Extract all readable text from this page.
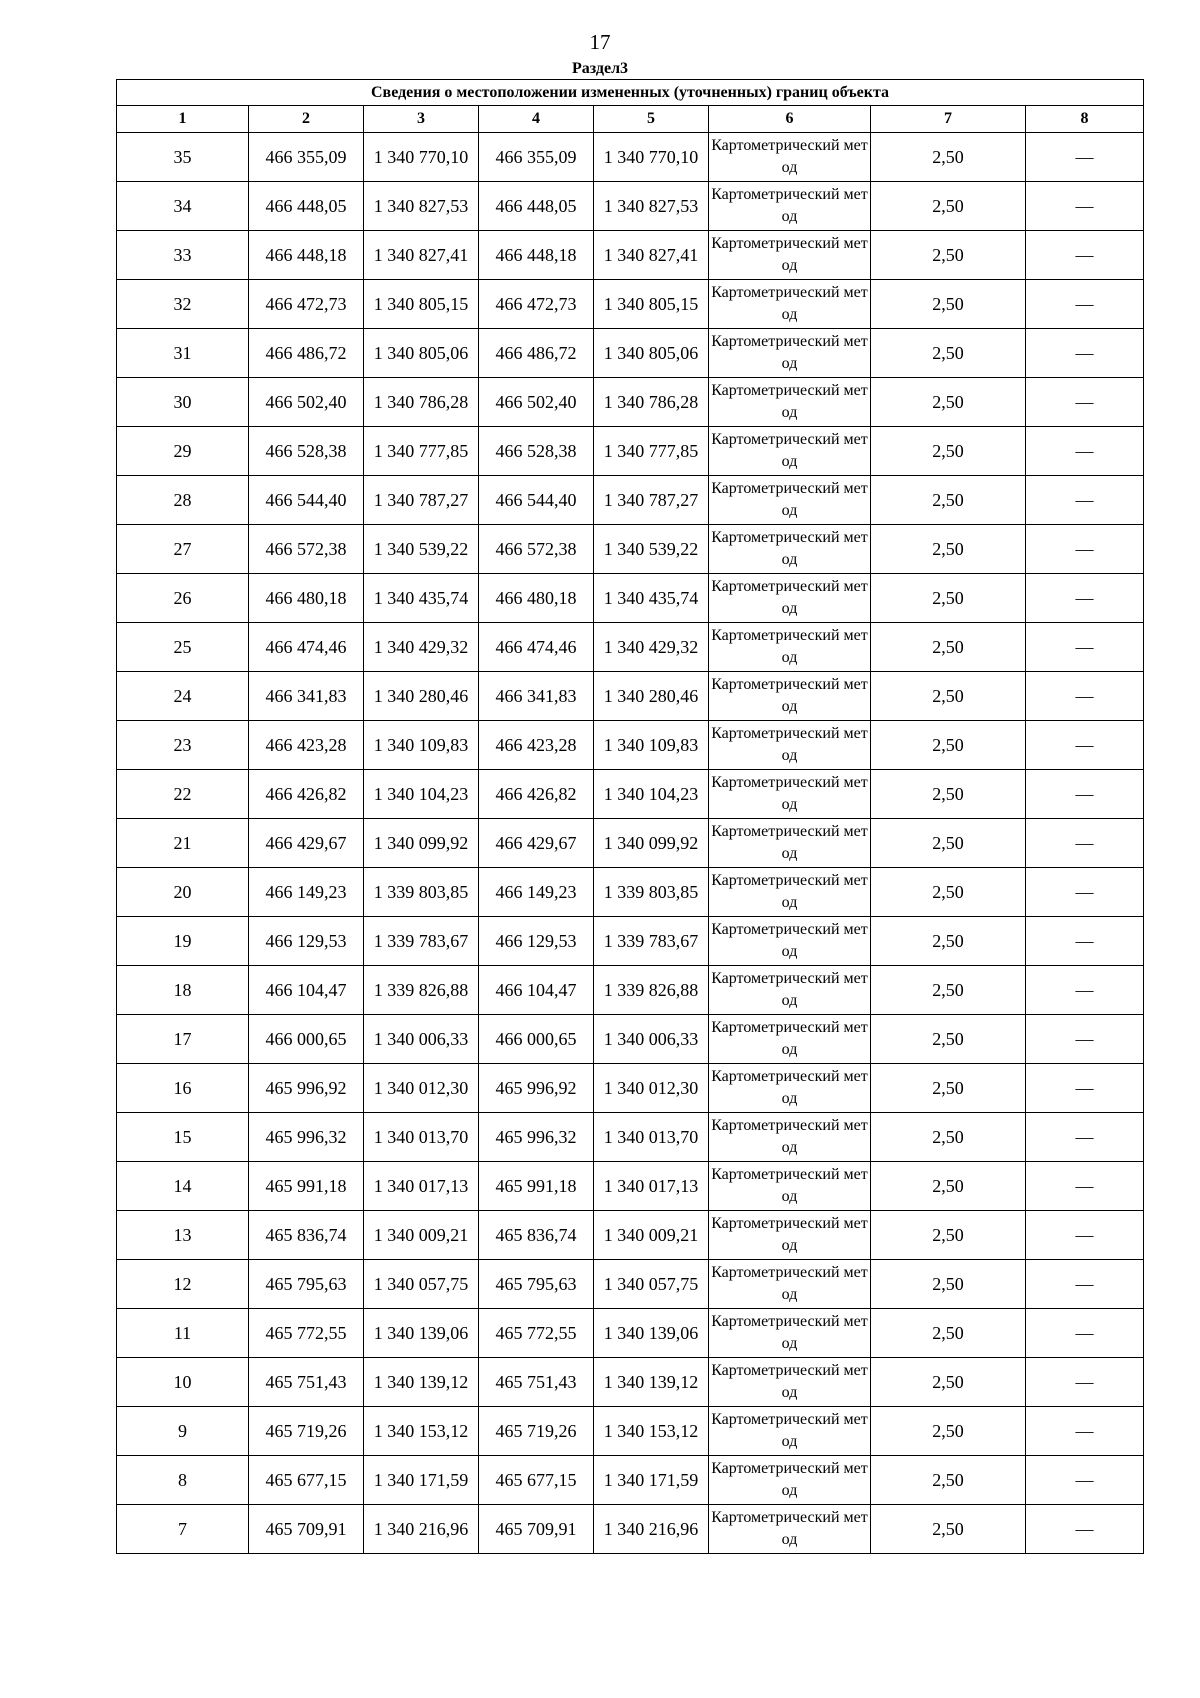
17
Раздел3
Сведения о местоположении измененных (уточненных) границ объекта							
1	2	3	4	5	6	7	8
35	466 355,09	1 340 770,10	466 355,09	1 340 770,10	Картометрический метод	2,50	—
34	466 448,05	1 340 827,53	466 448,05	1 340 827,53	Картометрический метод	2,50	—
33	466 448,18	1 340 827,41	466 448,18	1 340 827,41	Картометрический метод	2,50	—
32	466 472,73	1 340 805,15	466 472,73	1 340 805,15	Картометрический метод	2,50	—
31	466 486,72	1 340 805,06	466 486,72	1 340 805,06	Картометрический метод	2,50	—
30	466 502,40	1 340 786,28	466 502,40	1 340 786,28	Картометрический метод	2,50	—
29	466 528,38	1 340 777,85	466 528,38	1 340 777,85	Картометрический метод	2,50	—
28	466 544,40	1 340 787,27	466 544,40	1 340 787,27	Картометрический метод	2,50	—
27	466 572,38	1 340 539,22	466 572,38	1 340 539,22	Картометрический метод	2,50	—
26	466 480,18	1 340 435,74	466 480,18	1 340 435,74	Картометрический метод	2,50	—
25	466 474,46	1 340 429,32	466 474,46	1 340 429,32	Картометрический метод	2,50	—
24	466 341,83	1 340 280,46	466 341,83	1 340 280,46	Картометрический метод	2,50	—
23	466 423,28	1 340 109,83	466 423,28	1 340 109,83	Картометрический метод	2,50	—
22	466 426,82	1 340 104,23	466 426,82	1 340 104,23	Картометрический метод	2,50	—
21	466 429,67	1 340 099,92	466 429,67	1 340 099,92	Картометрический метод	2,50	—
20	466 149,23	1 339 803,85	466 149,23	1 339 803,85	Картометрический метод	2,50	—
19	466 129,53	1 339 783,67	466 129,53	1 339 783,67	Картометрический метод	2,50	—
18	466 104,47	1 339 826,88	466 104,47	1 339 826,88	Картометрический метод	2,50	—
17	466 000,65	1 340 006,33	466 000,65	1 340 006,33	Картометрический метод	2,50	—
16	465 996,92	1 340 012,30	465 996,92	1 340 012,30	Картометрический метод	2,50	—
15	465 996,32	1 340 013,70	465 996,32	1 340 013,70	Картометрический метод	2,50	—
14	465 991,18	1 340 017,13	465 991,18	1 340 017,13	Картометрический метод	2,50	—
13	465 836,74	1 340 009,21	465 836,74	1 340 009,21	Картометрический метод	2,50	—
12	465 795,63	1 340 057,75	465 795,63	1 340 057,75	Картометрический метод	2,50	—
11	465 772,55	1 340 139,06	465 772,55	1 340 139,06	Картометрический метод	2,50	—
10	465 751,43	1 340 139,12	465 751,43	1 340 139,12	Картометрический метод	2,50	—
9	465 719,26	1 340 153,12	465 719,26	1 340 153,12	Картометрический метод	2,50	—
8	465 677,15	1 340 171,59	465 677,15	1 340 171,59	Картометрический метод	2,50	—
7	465 709,91	1 340 216,96	465 709,91	1 340 216,96	Картометрический метод	2,50	—
